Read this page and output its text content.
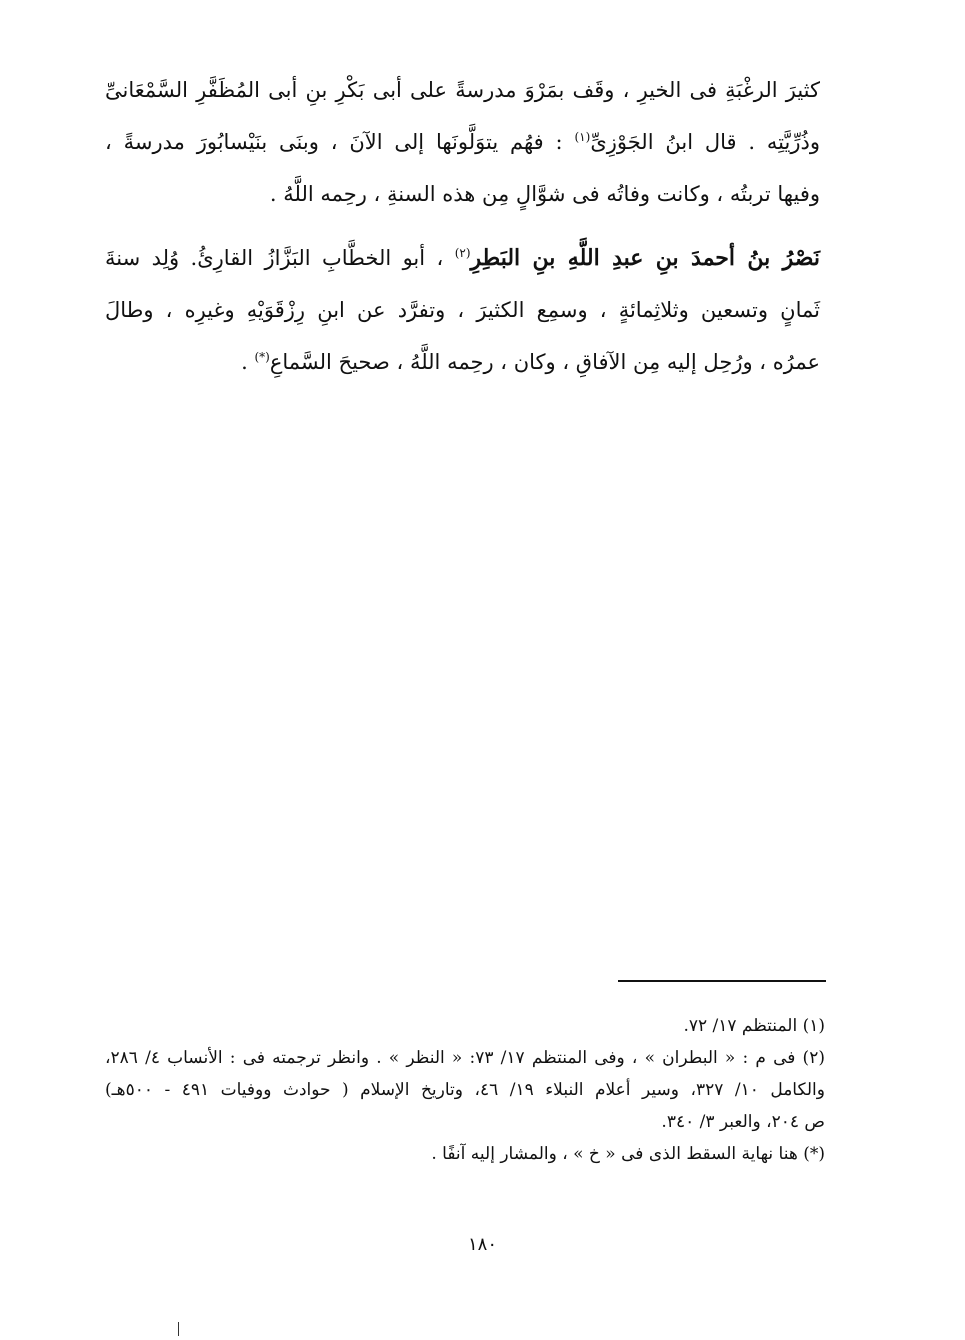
كثيرَ الرغْبَةِ فى الخيرِ ، وقَف بمَرْوَ مدرسةً على أبى بَكْرِ بنِ أبى المُظَفَّرِ السَّمْعَانىِّ
وذُرِّيَّتِه . قال ابنُ الجَوْزِىِّ$^{(١)}$ : فهُم يتوَلَّونَها إلى الآنَ ، وبنَى بنَيْسابُورَ مدرسةً ،
وفيها تربتُه ، وكانت وفاتُه فى شوَّالٍ مِن هذه السنةِ ، رحِمه اللَّهُ .
نَصْرُ بنُ أحمدَ بنِ عبدِ اللَّهِ بنِ البَطِرِ$^{(٢)}$ ، أبو الخطَّابِ البَزَّازُ القارِئُ. وُلِد سنةَ
ثَمانٍ وتسعين وثلاثِمائةٍ ، وسمِع الكثيرَ ، وتفرَّد عن ابنِ رِزْقَوَيْهِ وغيرِه ، وطالَ
عمرُه ، ورُحِل إليه مِن الآفاقِ ، وكان ، رحِمه اللَّهُ ، صحيحَ السَّماعِ(*) .
(١) المنتظم ١٧/ ٧٢.
(٢) فى م : « البطران » ، وفى المنتظم ١٧/ ٧٣: « النظر » . وانظر ترجمته فى : الأنساب ٤/ ٢٨٦،
والكامل ١٠/ ٣٢٧، وسير أعلام النبلاء ١٩/ ٤٦، وتاريخ الإسلام ( حوادث ووفيات ٤٩١ - ٥٠٠هـ)
ص ٢٠٤، والعبر ٣/ ٣٤٠.
(*) هنا نهاية السقط الذى فى « خ » ، والمشار إليه آنفًا .
١٨٠
